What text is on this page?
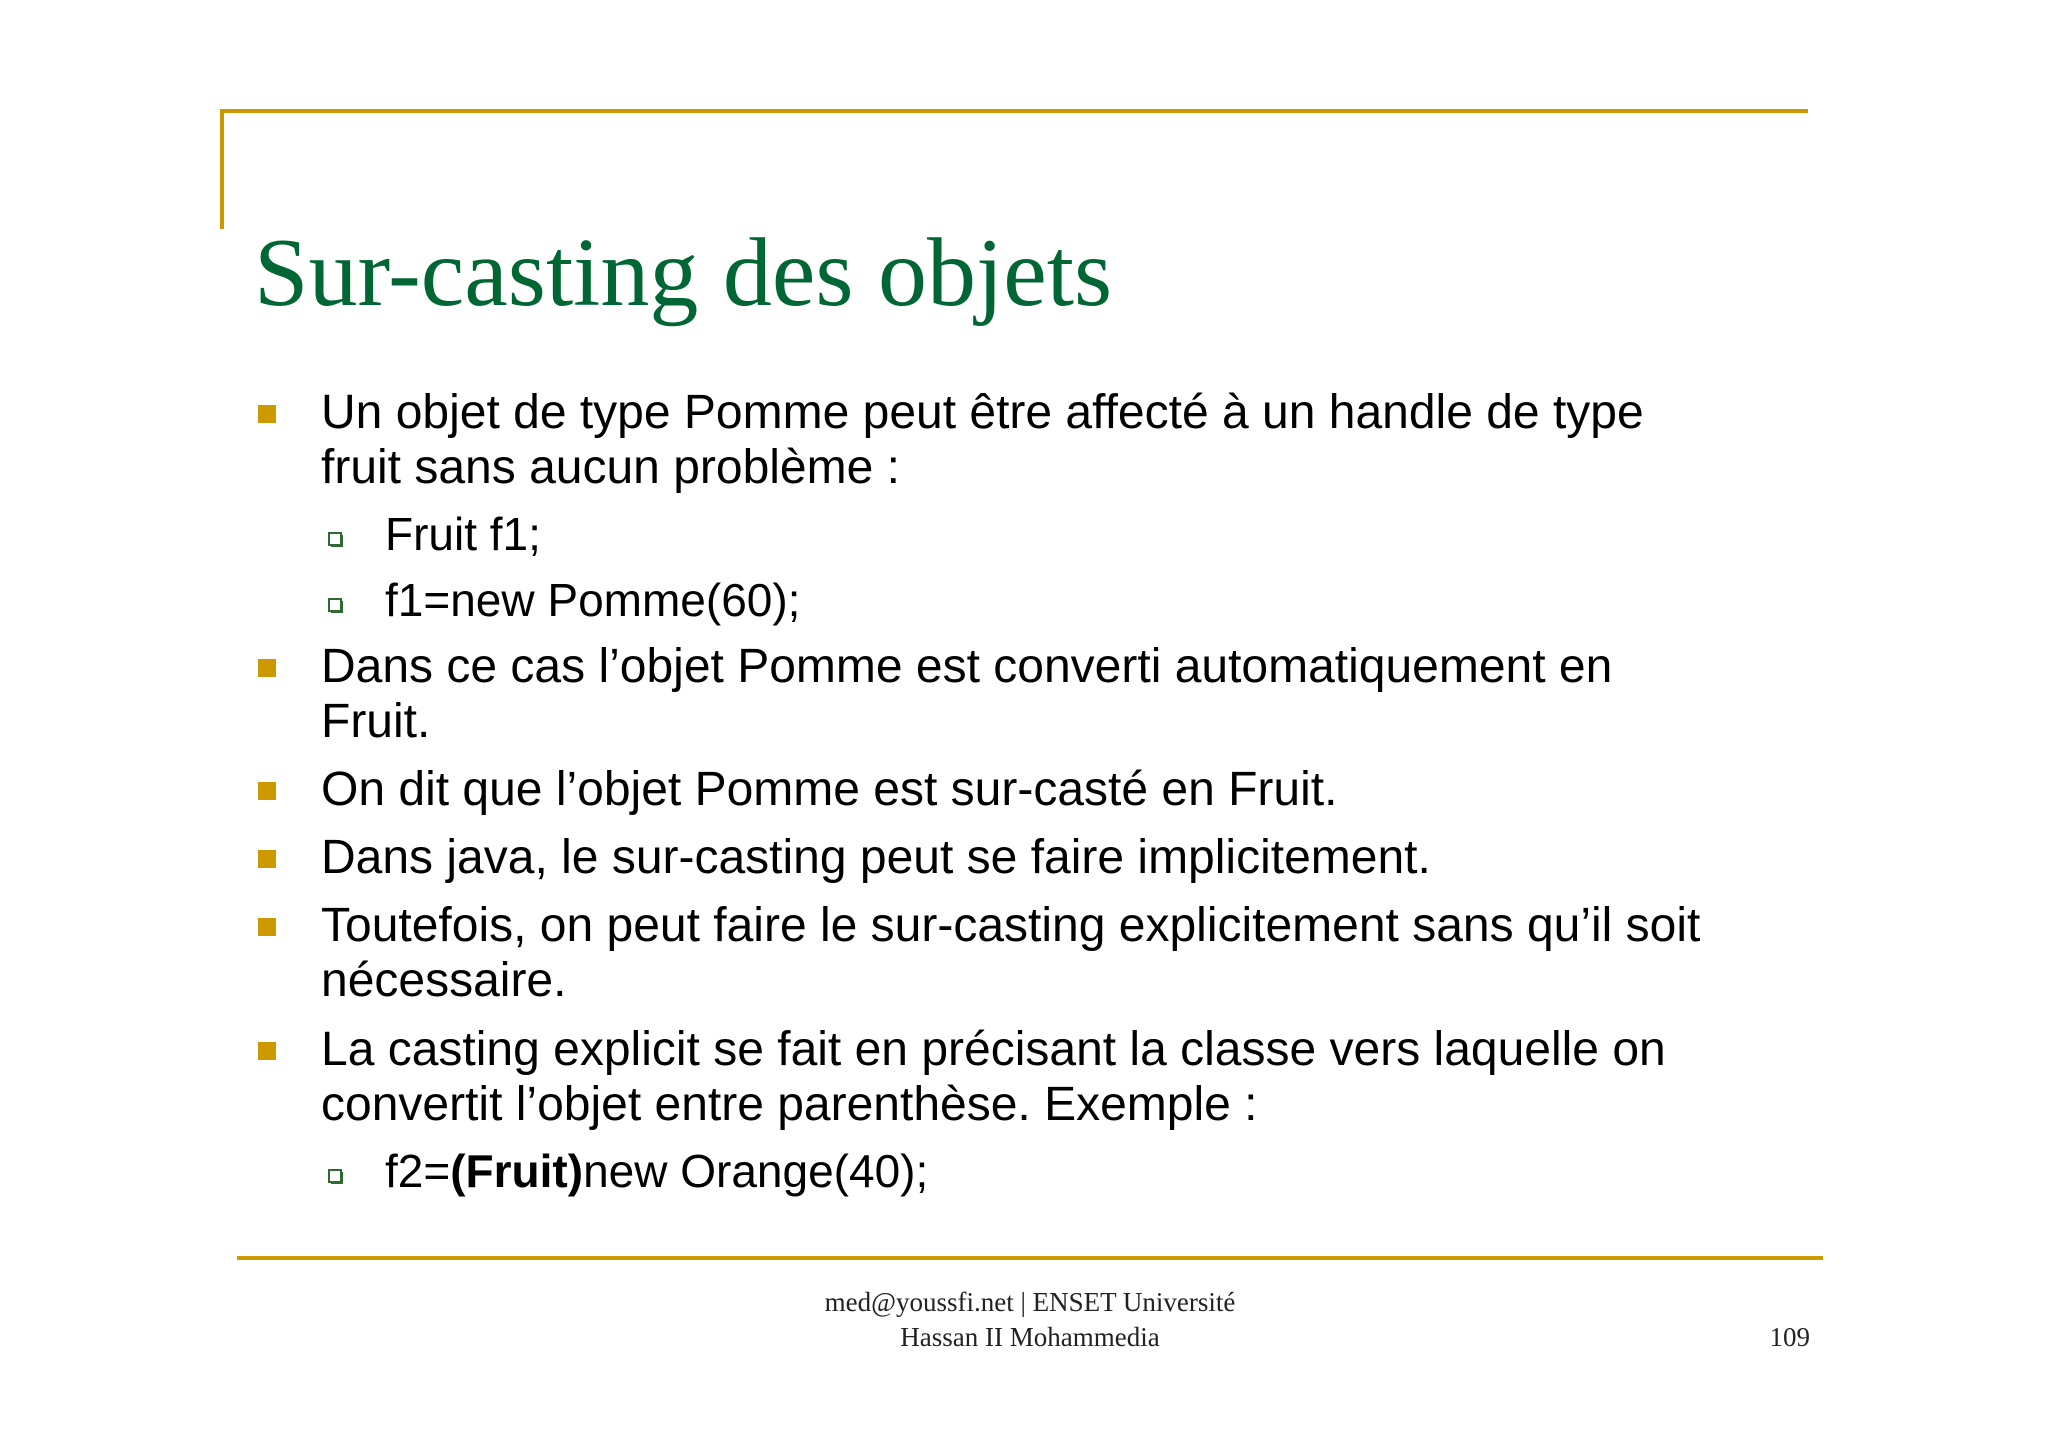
Sur-casting des objets
Un objet de type Pomme peut être affecté à un handle de type
fruit sans aucun problème :
Fruit f1;
f1=new Pomme(60);
Dans ce cas l’objet Pomme est converti automatiquement en
Fruit.
On dit que l’objet Pomme est sur-casté en Fruit.
Dans java, le sur-casting peut se faire implicitement.
Toutefois, on peut faire le sur-casting explicitement sans qu’il soit
nécessaire.
La casting explicit se fait en précisant la classe vers laquelle on
convertit l’objet entre parenthèse. Exemple :
f2=(Fruit)new Orange(40);
med@youssfi.net | ENSET Université
Hassan II Mohammedia	109
